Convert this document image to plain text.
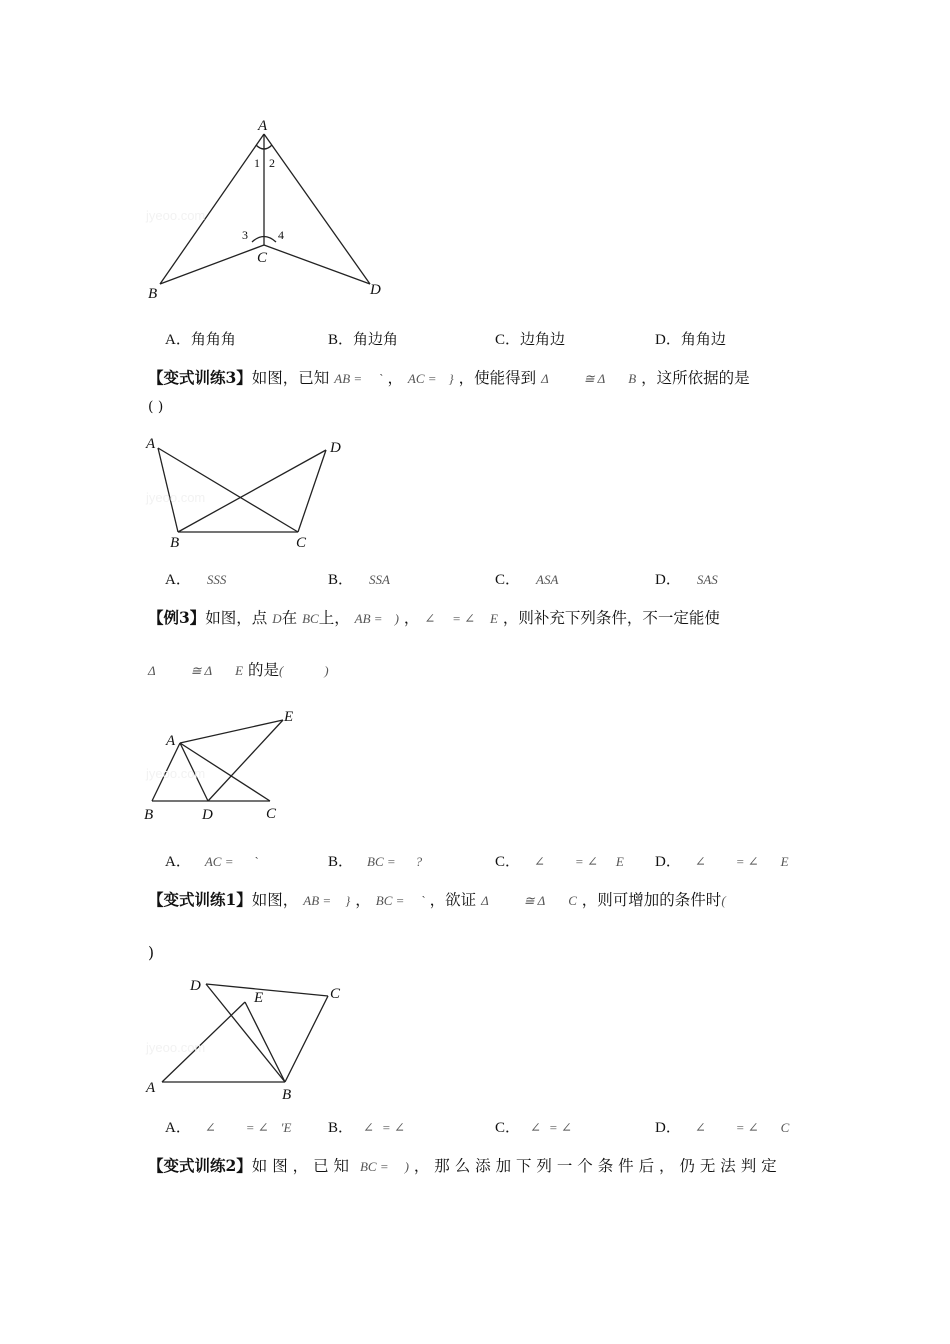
A
B
C
D
1 2
3	4
jyeoo.com
A．角角角	B．角边角	C．边角边	D．角角边
【变式训练3】如图，已知 AB = ` ， AC = } ，使能得到 Δ	≅ Δ B ，这所依据的是
( )
A
B	C
D
jyeoo.com
A． SSS	B． SSA	C． ASA	D． SAS
【例3】如图，点 D在 BC上， AB = ) ， ∠ = ∠ E ，则补充下列条件，不一定能使
Δ	≅ Δ E 的是(	)
A
B	D	C
E
jyeoo.com
A． AC = `	B． BC = ?	C． ∠ = ∠ E D． ∠ = ∠ E
【变式训练1】如图， AB = } ， BC = ` ，欲证 Δ	≅ Δ C ，则可增加的条件时(
)
D
E	C
A	B
jyeoo.com
A． ∠ = ∠ 'E B． ∠ = ∠	C． ∠ = ∠	D． ∠ = ∠ C
【变式训练2】如 图 ， 已 知 BC = ) ， 那 么 添 加 下 列 一 个 条 件 后 ， 仍 无 法 判 定
